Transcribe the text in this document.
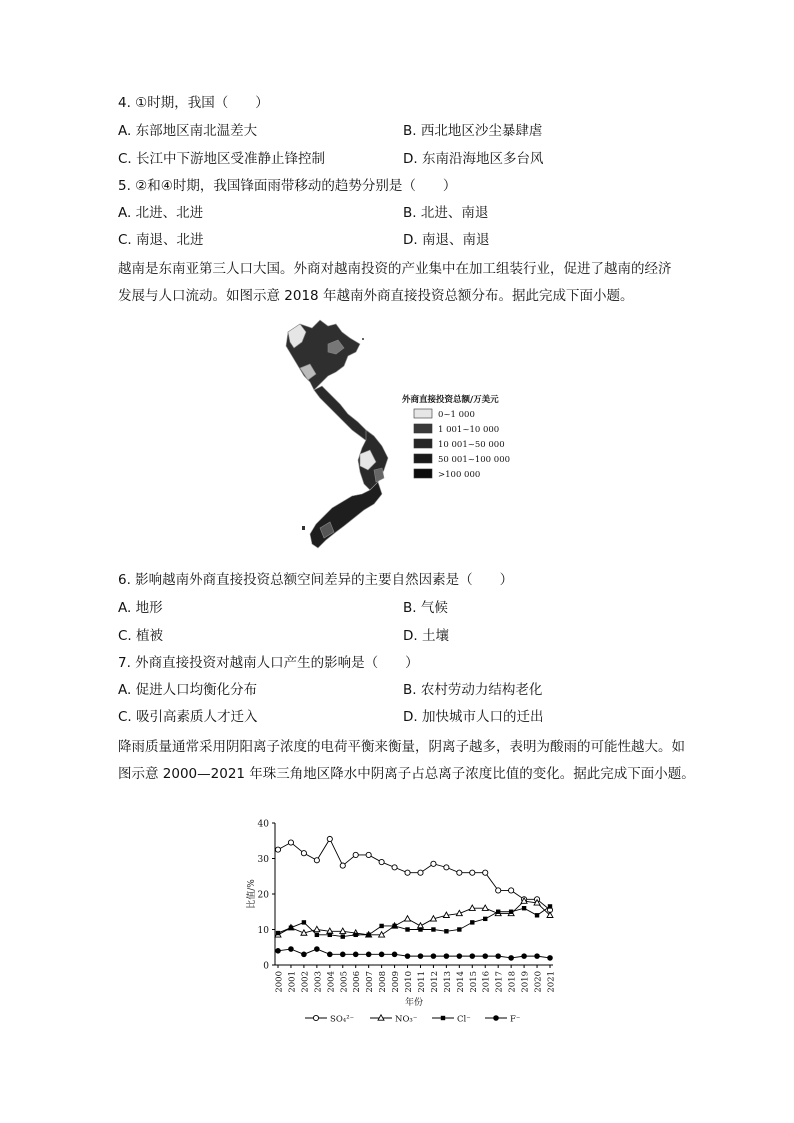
4. ①时期，我国（　　）
A. 东部地区南北温差大	B. 西北地区沙尘暴肆虐
C. 长江中下游地区受准静止锋控制	D. 东南沿海地区多台风
5. ②和④时期，我国锋面雨带移动的趋势分别是（　　）
A. 北进、北进	B. 北进、南退
C. 南退、北进	D. 南退、南退
越南是东南亚第三人口大国。外商对越南投资的产业集中在加工组装行业，促进了越南的经济发展与人口流动。如图示意 2018 年越南外商直接投资总额分布。据此完成下面小题。
外商直接投资总额/万美元
0~1 000
1 001~10 000
10 001~50 000
50 001~100 000
>100 000
6. 影响越南外商直接投资总额空间差异的主要自然因素是（　　）
A. 地形	B. 气候
C. 植被	D. 土壤
7. 外商直接投资对越南人口产生的影响是（　　）
A. 促进人口均衡化分布	B. 农村劳动力结构老化
C. 吸引高素质人才迁入	D. 加快城市人口的迁出
降雨质量通常采用阴阳离子浓度的电荷平衡来衡量，阴离子越多，表明为酸雨的可能性越大。如图示意 2000—2021 年珠三角地区降水中阴离子占总离子浓度比值的变化。据此完成下面小题。
0
10
20
30
40
2000 2001 2002 2003 2004 2005 2006 2007 2008 2009 2010 2011 2012 2013 2014 2015 2016 2017 2018 2019 2020 2021
比值/%
年份
SO₄²⁻	NO₃⁻	Cl⁻	F⁻
